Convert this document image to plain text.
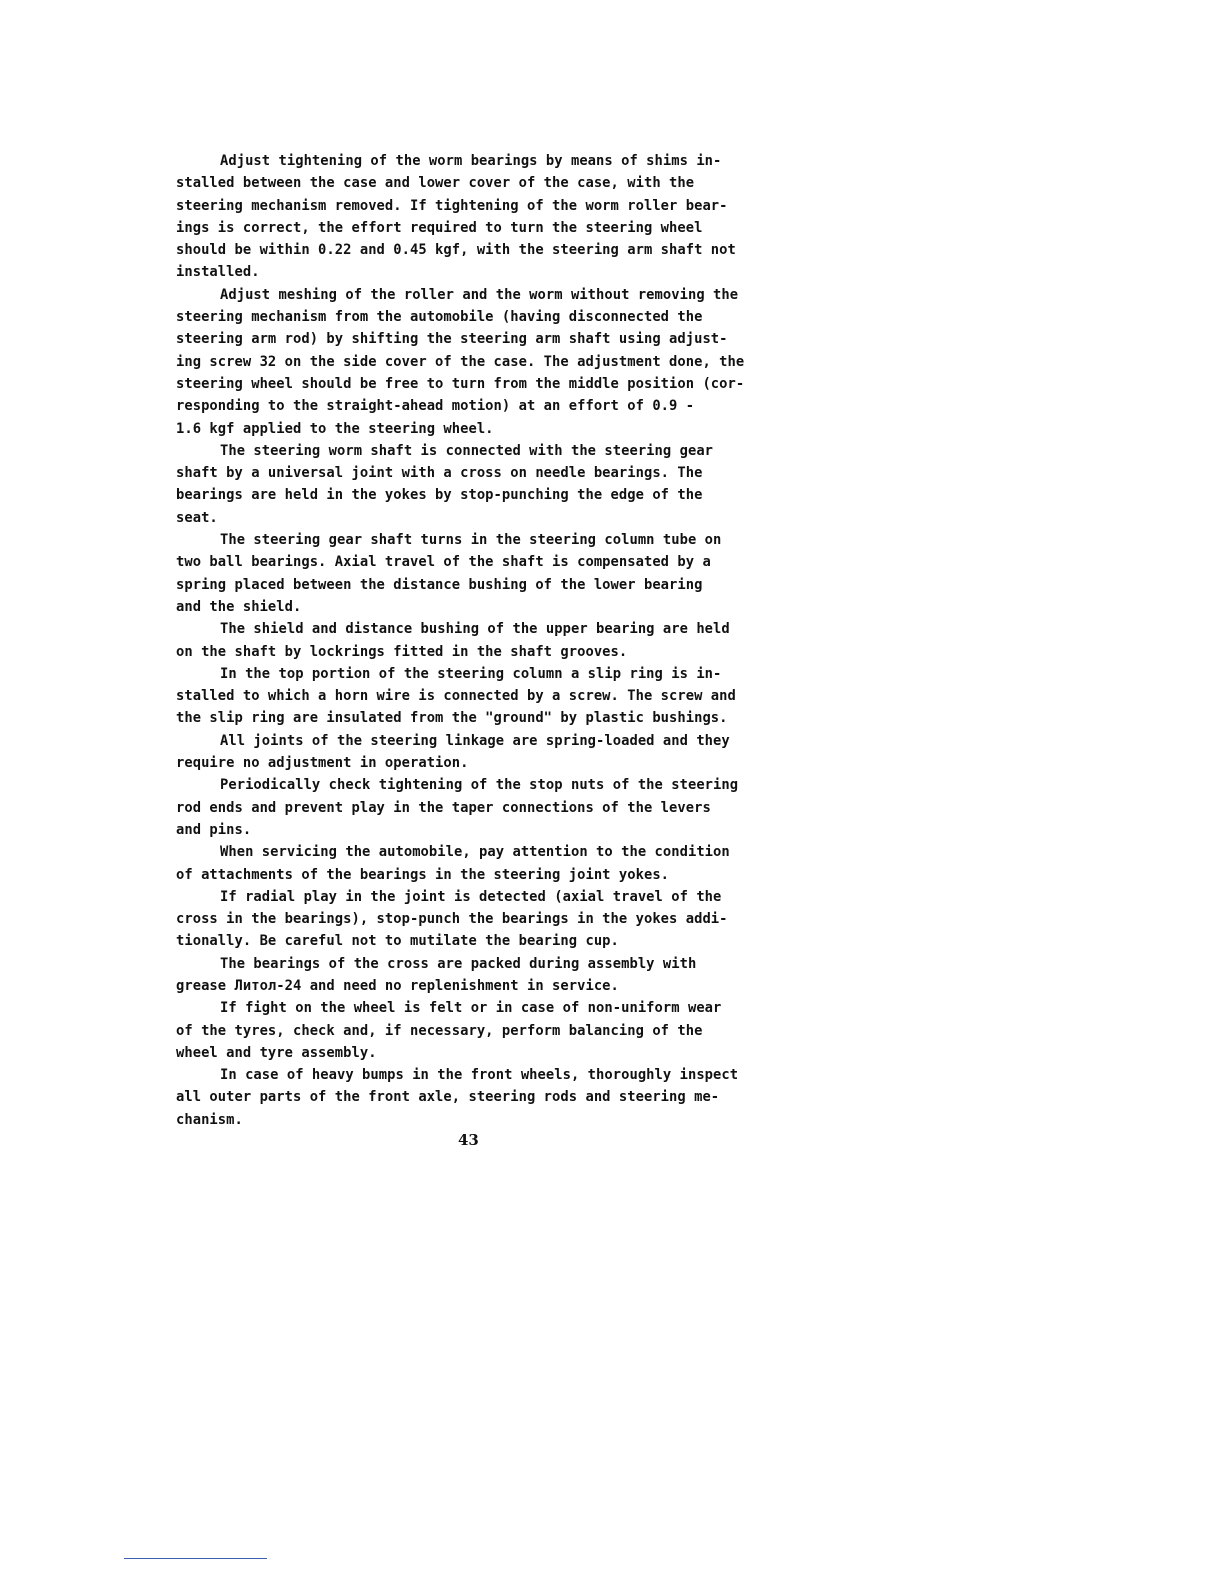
Adjust tightening of the worm bearings by means of shims in-
stalled between the case and lower cover of the case, with the
steering mechanism removed. If tightening of the worm roller bear-
ings is correct, the effort required to turn the steering wheel
should be within 0.22 and 0.45 kgf, with the steering arm shaft not
installed.

Adjust meshing of the roller and the worm without removing the
steering mechanism from the automobile (having disconnected the
steering arm rod) by shifting the steering arm shaft using adjust-
ing screw 32 on the side cover of the case. The adjustment done, the
steering wheel should be free to turn from the middle position (cor-
responding to the straight-ahead motion) at an effort of 0.9 -
1.6 kgf applied to the steering wheel.

The steering worm shaft is connected with the steering gear
shaft by a universal joint with a cross on needle bearings. The
bearings are held in the yokes by stop-punching the edge of the
seat.

The steering gear shaft turns in the steering column tube on
two ball bearings. Axial travel of the shaft is compensated by a
spring placed between the distance bushing of the lower bearing
and the shield.

The shield and distance bushing of the upper bearing are held
on the shaft by lockrings fitted in the shaft grooves.

In the top portion of the steering column a slip ring is in-
stalled to which a horn wire is connected by a screw. The screw and
the slip ring are insulated from the "ground" by plastic bushings.

All joints of the steering linkage are spring-loaded and they
require no adjustment in operation.

Periodically check tightening of the stop nuts of the steering
rod ends and prevent play in the taper connections of the levers
and pins.

When servicing the automobile, pay attention to the condition
of attachments of the bearings in the steering joint yokes.

If radial play in the joint is detected (axial travel of the
cross in the bearings), stop-punch the bearings in the yokes addi-
tionally. Be careful not to mutilate the bearing cup.

The bearings of the cross are packed during assembly with
grease Литол-24 and need no replenishment in service.

If fight on the wheel is felt or in case of non-uniform wear
of the tyres, check and, if necessary, perform balancing of the
wheel and tyre assembly.

In case of heavy bumps in the front wheels, thoroughly inspect
all outer parts of the front axle, steering rods and steering me-
chanism.

43
